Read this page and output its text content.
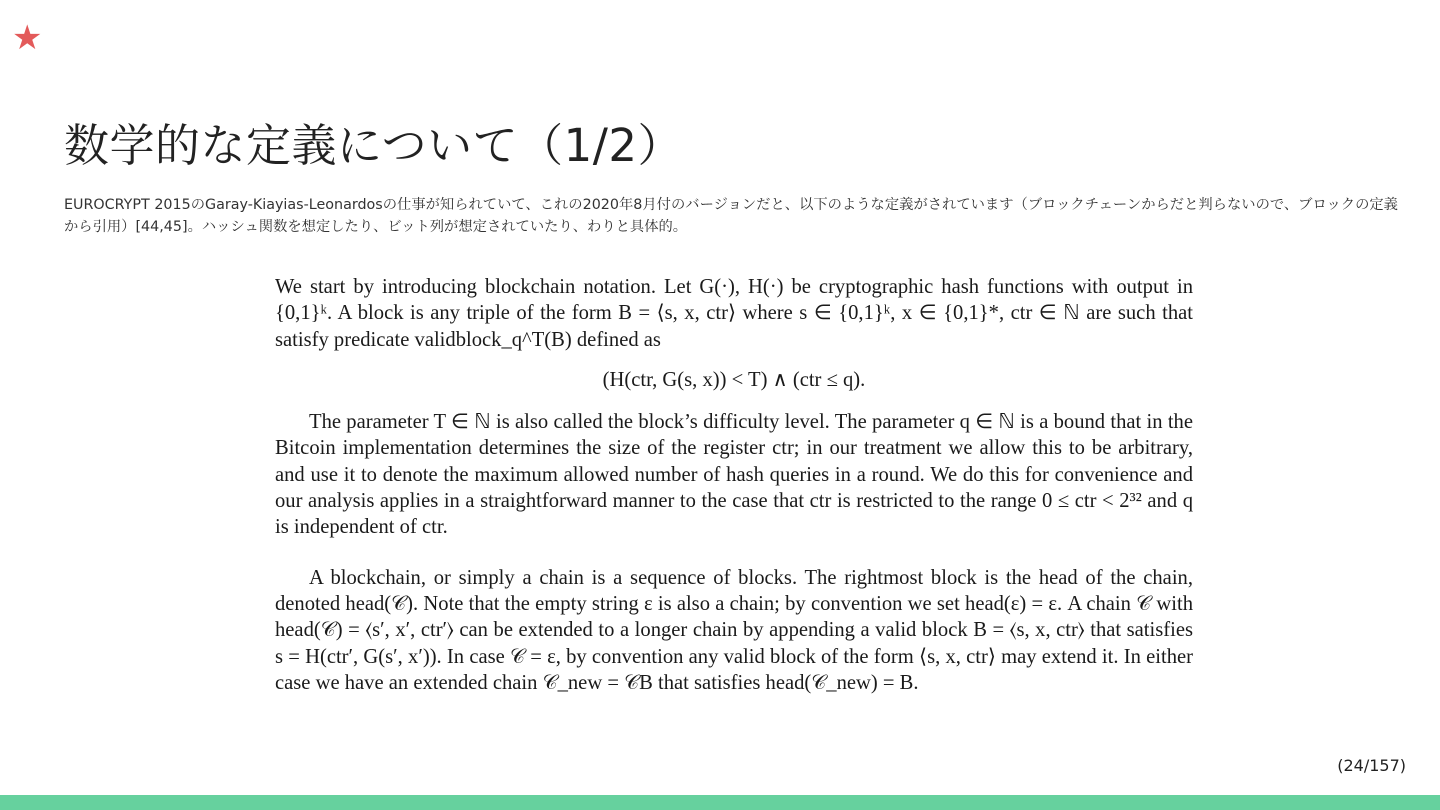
★
数学的な定義について（1/2）
EUROCRYPT 2015のGaray-Kiayias-Leonardosの仕事が知られていて、これの2020年8月付のバージョンだと、以下のような定義がされています（ブロックチェーンからだと判らないので、ブロックの定義から引用）[44,45]。ハッシュ関数を想定したり、ビット列が想定されていたり、わりと具体的。

We start by introducing blockchain notation. Let G(·), H(·) be cryptographic hash functions with output in {0,1}ᵏ. A block is any triple of the form B = ⟨s, x, ctr⟩ where s ∈ {0,1}ᵏ, x ∈ {0,1}*, ctr ∈ ℕ are such that satisfy predicate validblock_q^T(B) defined as

(H(ctr, G(s, x)) < T) ∧ (ctr ≤ q).

The parameter T ∈ ℕ is also called the block’s difficulty level. The parameter q ∈ ℕ is a bound that in the Bitcoin implementation determines the size of the register ctr; in our treatment we allow this to be arbitrary, and use it to denote the maximum allowed number of hash queries in a round. We do this for convenience and our analysis applies in a straightforward manner to the case that ctr is restricted to the range 0 ≤ ctr < 2³² and q is independent of ctr.

A blockchain, or simply a chain is a sequence of blocks. The rightmost block is the head of the chain, denoted head(𝒞). Note that the empty string ε is also a chain; by convention we set head(ε) = ε. A chain 𝒞 with head(𝒞) = ⟨s′, x′, ctr′⟩ can be extended to a longer chain by appending a valid block B = ⟨s, x, ctr⟩ that satisfies s = H(ctr′, G(s′, x′)). In case 𝒞 = ε, by convention any valid block of the form ⟨s, x, ctr⟩ may extend it. In either case we have an extended chain 𝒞_new = 𝒞B that satisfies head(𝒞_new) = B.

(24/157)
